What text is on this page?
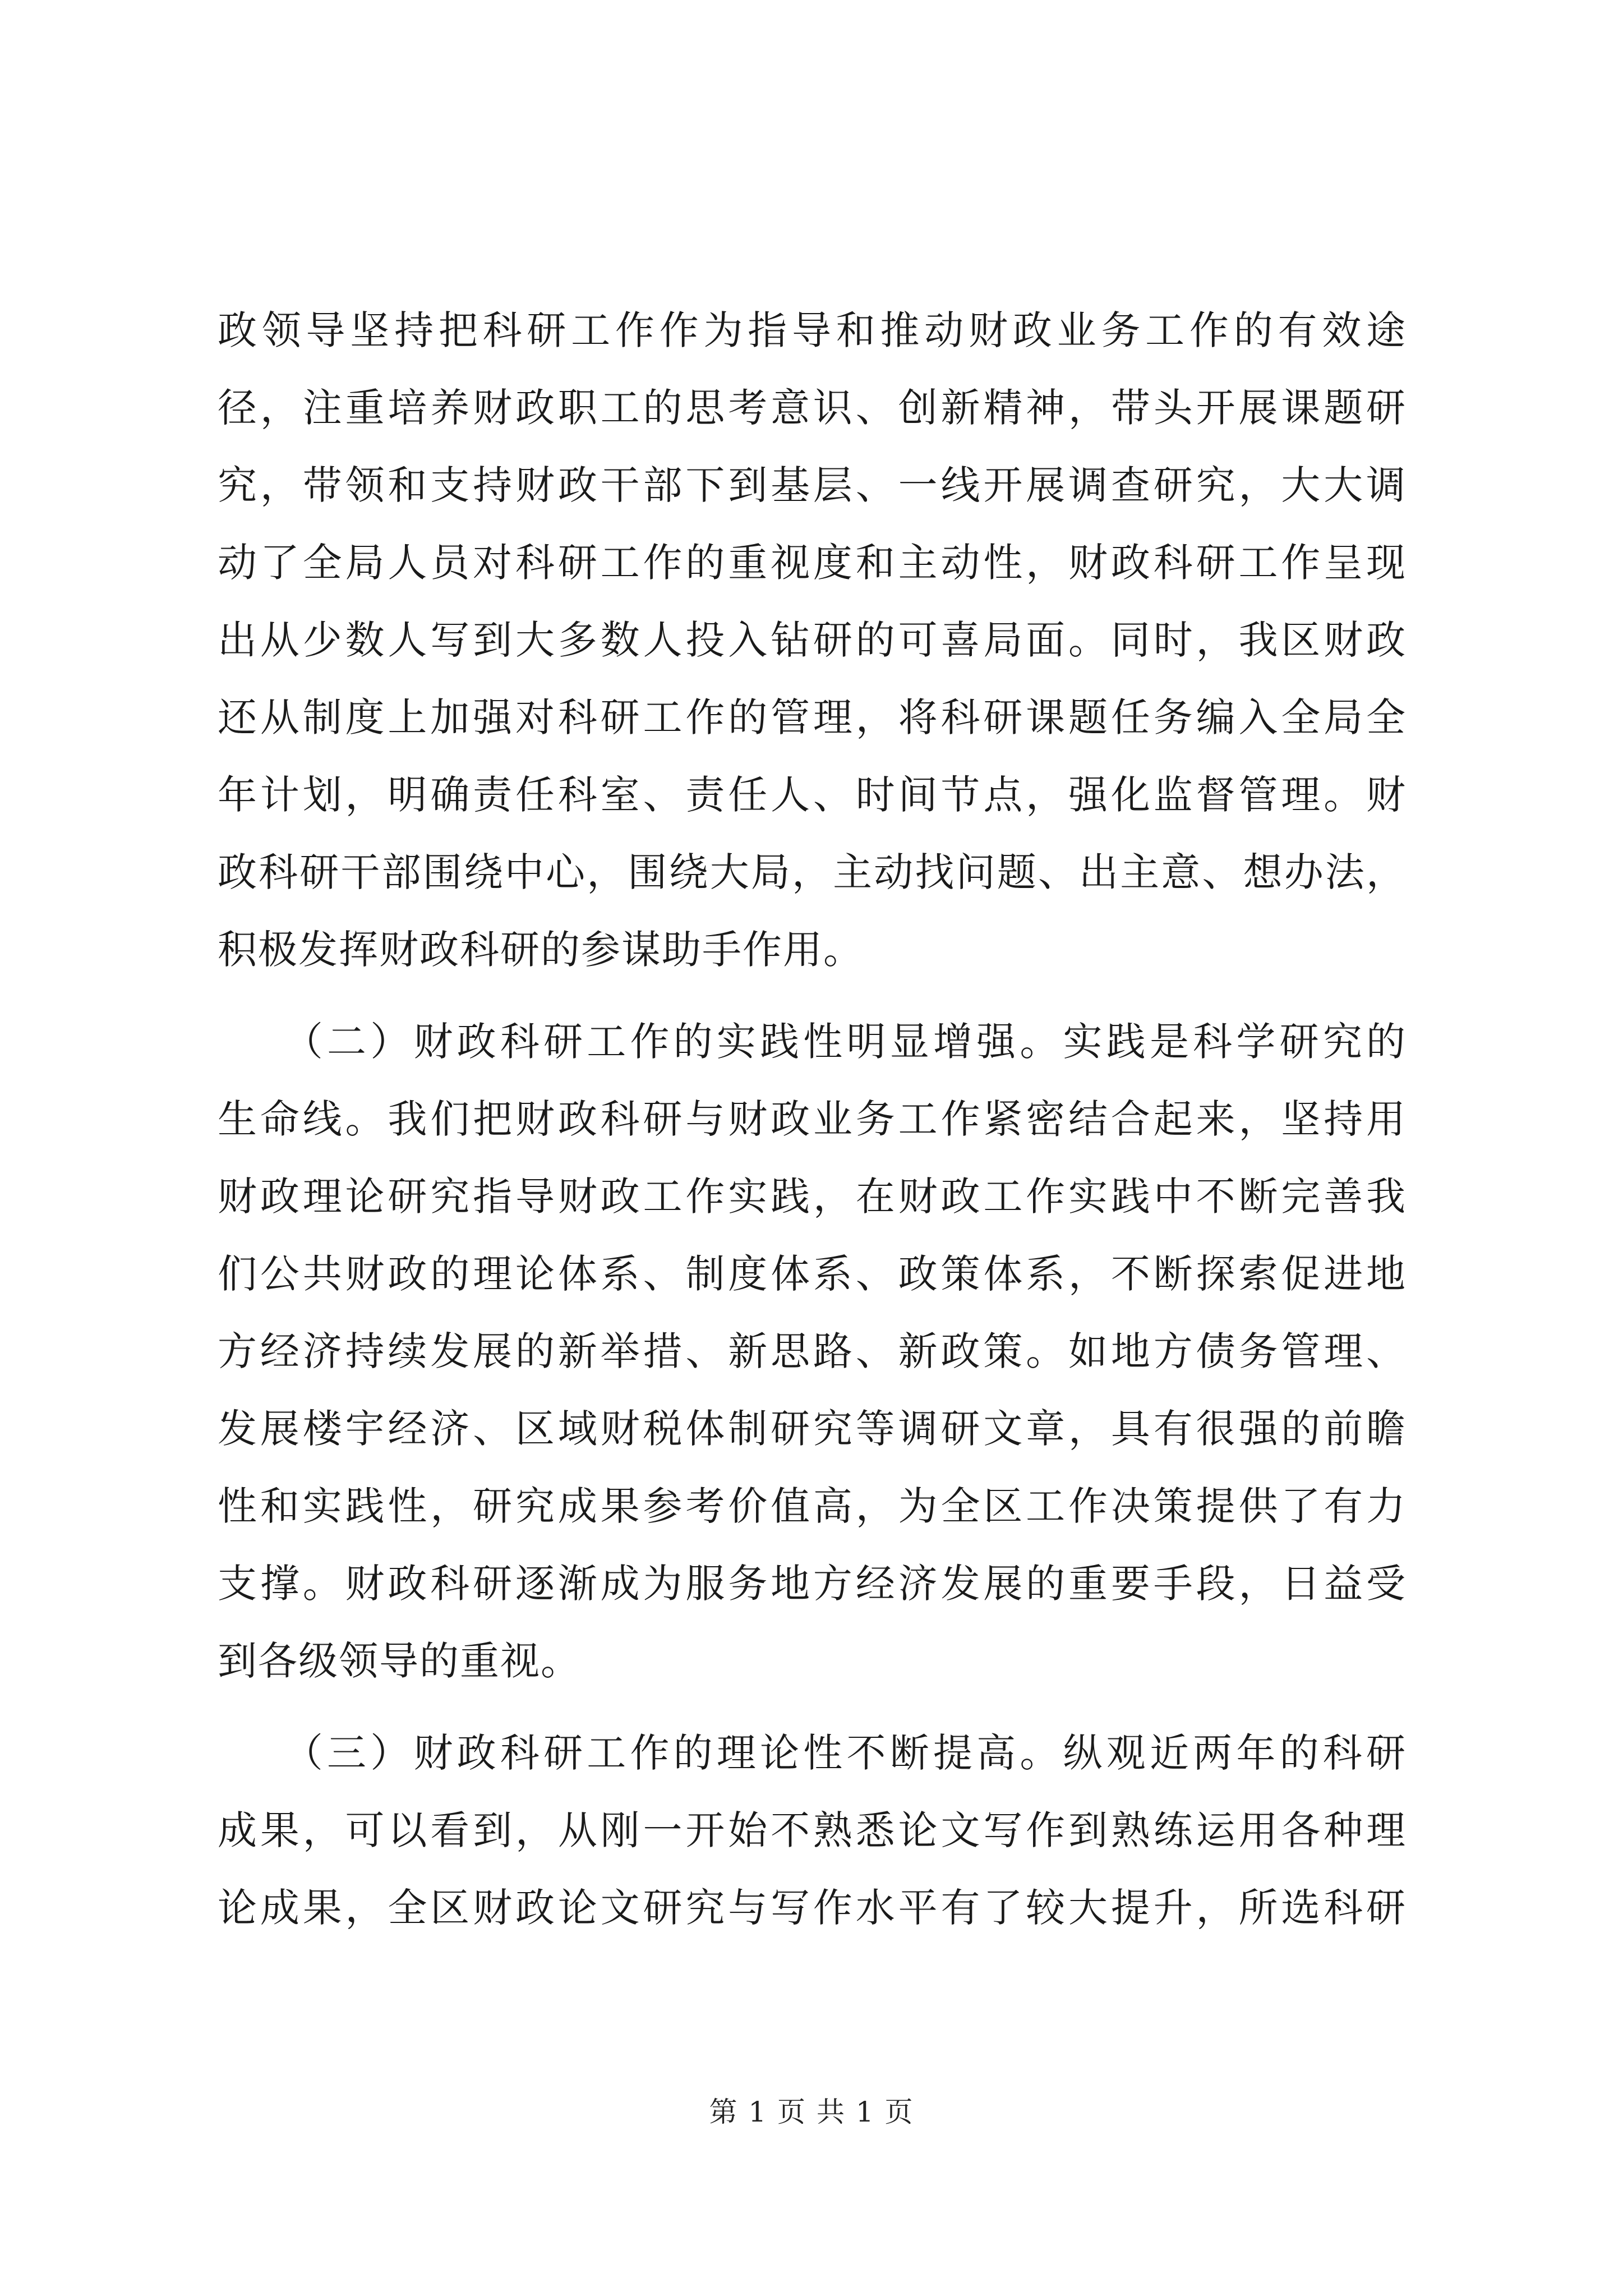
政领导坚持把科研工作作为指导和推动财政业务工作的有效途
径，注重培养财政职工的思考意识、创新精神，带头开展课题研
究，带领和支持财政干部下到基层、一线开展调查研究，大大调
动了全局人员对科研工作的重视度和主动性，财政科研工作呈现
出从少数人写到大多数人投入钻研的可喜局面。同时，我区财政
还从制度上加强对科研工作的管理，将科研课题任务编入全局全
年计划，明确责任科室、责任人、时间节点，强化监督管理。财
政科研干部围绕中心，围绕大局，主动找问题、出主意、想办法，
积极发挥财政科研的参谋助手作用。
（二）财政科研工作的实践性明显增强。实践是科学研究的
生命线。我们把财政科研与财政业务工作紧密结合起来，坚持用
财政理论研究指导财政工作实践，在财政工作实践中不断完善我
们公共财政的理论体系、制度体系、政策体系，不断探索促进地
方经济持续发展的新举措、新思路、新政策。如地方债务管理、
发展楼宇经济、区域财税体制研究等调研文章，具有很强的前瞻
性和实践性，研究成果参考价值高，为全区工作决策提供了有力
支撑。财政科研逐渐成为服务地方经济发展的重要手段，日益受
到各级领导的重视。
（三）财政科研工作的理论性不断提高。纵观近两年的科研
成果，可以看到，从刚一开始不熟悉论文写作到熟练运用各种理
论成果，全区财政论文研究与写作水平有了较大提升，所选科研
第 1 页 共 1 页
